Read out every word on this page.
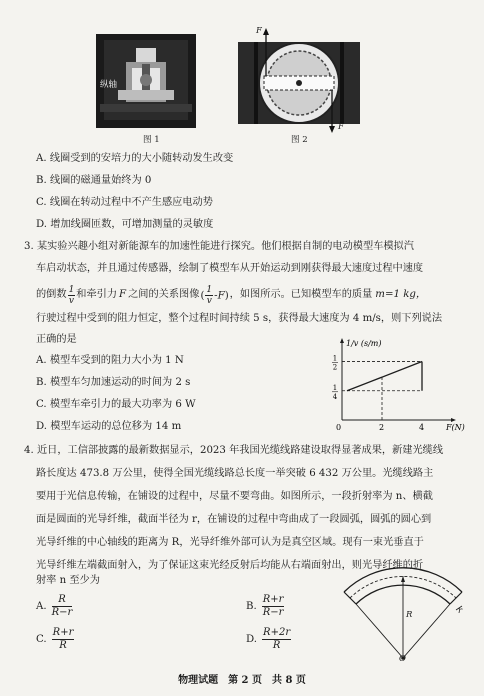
纵轴
图 1
F
F
图 2
A. 线圈受到的安培力的大小随转动发生改变
B. 线圈的磁通量始终为 0
C. 线圈在转动过程中不产生感应电动势
D. 增加线圈匝数，可增加测量的灵敏度
3. 某实验兴趣小组对新能源车的加速性能进行探究。他们根据自制的电动模型车模拟汽
车启动状态，并且通过传感器，绘制了模型车从开始运动到刚获得最大速度过程中速度
的倒数 $\frac{1}{v}$ 和牵引力 F 之间的关系图像 ( $\frac{1}{v} -F$) ，如图所示。已知模型车的质量 m=1 kg，
行驶过程中受到的阻力恒定，整个过程时间持续 5 s，获得最大速度为 4 m/s，则下列说法
正确的是
A. 模型车受到的阻力大小为 1 N
B. 模型车匀加速运动的时间为 2 s
C. 模型车牵引力的最大功率为 6 W
D. 模型车运动的总位移为 14 m	0	2	4
1
4
1
2
1/v (s/m)
F(N)
4. 近日，工信部披露的最新数据显示，2023 年我国光缆线路建设取得显著成果，新建光缆线
路长度达 473.8 万公里，使得全国光缆线路总长度一举突破 6 432 万公里。光缆线路主
要用于光信息传输，在铺设的过程中，尽量不要弯曲。如图所示，一段折射率为 n、横截
面是圆面的光导纤维，截面半径为 r，在铺设的过程中弯曲成了一段圆弧，圆弧的圆心到
光导纤维的中心轴线的距离为 R，光导纤维外部可认为是真空区域。现有一束光垂直于
光导纤维左端截面射入，为了保证这束光经反射后均能从右端面射出，则光导纤维的折
射率 n 至少为
A. $\frac{R}{R-r}$	B. $\frac{R+r}{R-r}$
C. $\frac{R+r}{R}$	D. $\frac{R+2r}{R}$
R	r
O
物理试题　第 2 页　共 8 页
